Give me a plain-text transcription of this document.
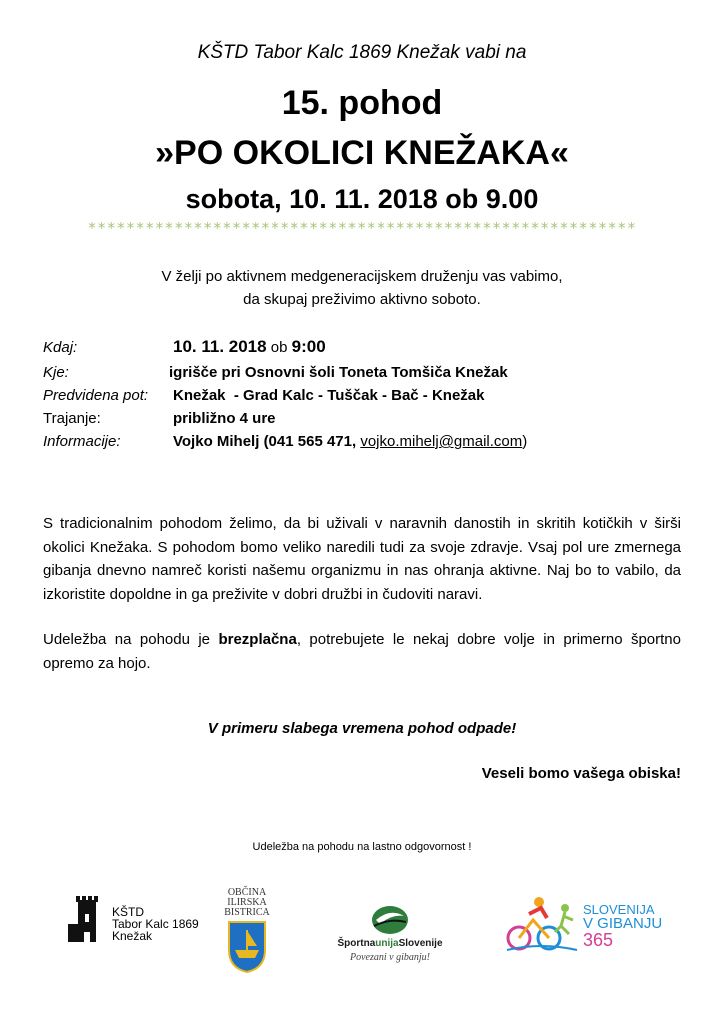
KŠTD Tabor Kalc 1869 Knežak vabi na
15. pohod
»PO OKOLICI KNEŽAKA«
sobota, 10. 11. 2018 ob 9.00
*********************************************************
V želji po aktivnem medgeneracijskem druženju vas vabimo,
da skupaj preživimo aktivno soboto.
Kdaj:	10. 11. 2018 ob 9:00
Kje:	igrišče pri Osnovni šoli Toneta Tomšiča Knežak
Predvidena pot: Knežak  - Grad Kalc - Tuščak - Bač - Knežak
Trajanje:	približno 4 ure
Informacije:	Vojko Mihelj (041 565 471, vojko.mihelj@gmail.com)
S tradicionalnim pohodom želimo, da bi uživali v naravnih danostih in skritih kotičkih v širši okolici Knežaka. S pohodom bomo veliko naredili tudi za svoje zdravje. Vsaj pol ure zmernega gibanja dnevno namreč koristi našemu organizmu in nas ohranja aktivne. Naj bo to vabilo, da izkoristite dopoldne in ga preživite v dobri družbi in čudoviti naravi.
Udeležba na pohodu je brezplačna, potrebujete le nekaj dobre volje in primerno športno opremo za hojo.
V primeru slabega vremena pohod odpade!
Veseli bomo vašega obiska!
Udeležba na pohodu na lastno odgovornost !
KŠTD
Tabor Kalc 1869
Knežak
OBČINA
ILIRSKA
BISTRICA
ŠportnaunijaSlovenije
Povezani v gibanju!
SLOVENIJA
V GIBANJU
365
